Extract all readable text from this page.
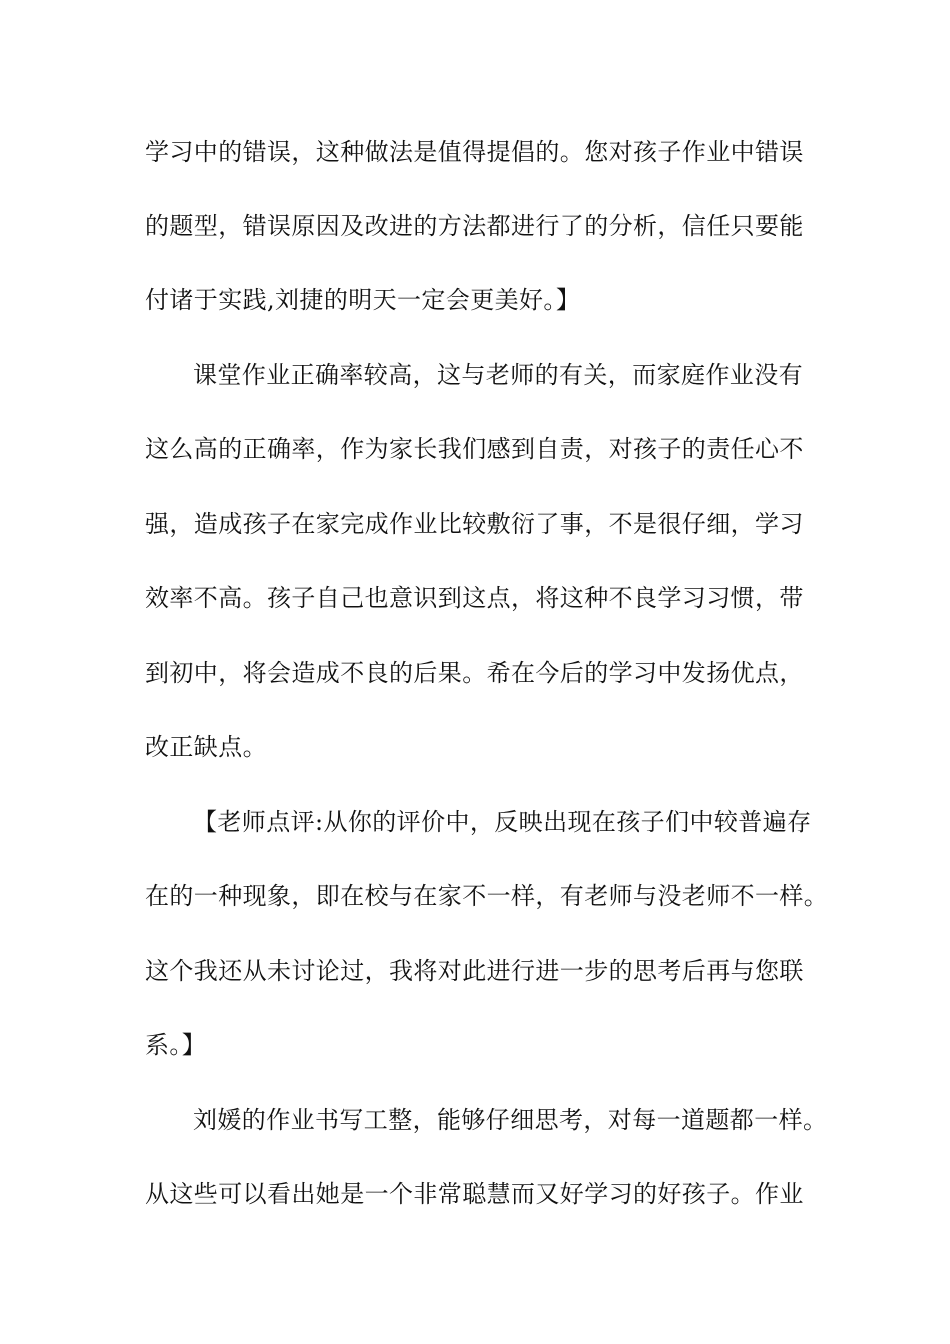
学习中的错误，这种做法是值得提倡的。您对孩子作业中错误
的题型，错误原因及改进的方法都进行了的分析，信任只要能
付诸于实践,刘捷的明天一定会更美好。】
课堂作业正确率较高，这与老师的有关，而家庭作业没有
这么高的正确率，作为家长我们感到自责，对孩子的责任心不
强，造成孩子在家完成作业比较敷衍了事，不是很仔细，学习
效率不高。孩子自己也意识到这点，将这种不良学习习惯，带
到初中，将会造成不良的后果。希在今后的学习中发扬优点，
改正缺点。
【老师点评:从你的评价中，反映出现在孩子们中较普遍存
在的一种现象，即在校与在家不一样，有老师与没老师不一样。
这个我还从未讨论过，我将对此进行进一步的思考后再与您联
系。】
刘媛的作业书写工整，能够仔细思考，对每一道题都一样。
从这些可以看出她是一个非常聪慧而又好学习的好孩子。作业
